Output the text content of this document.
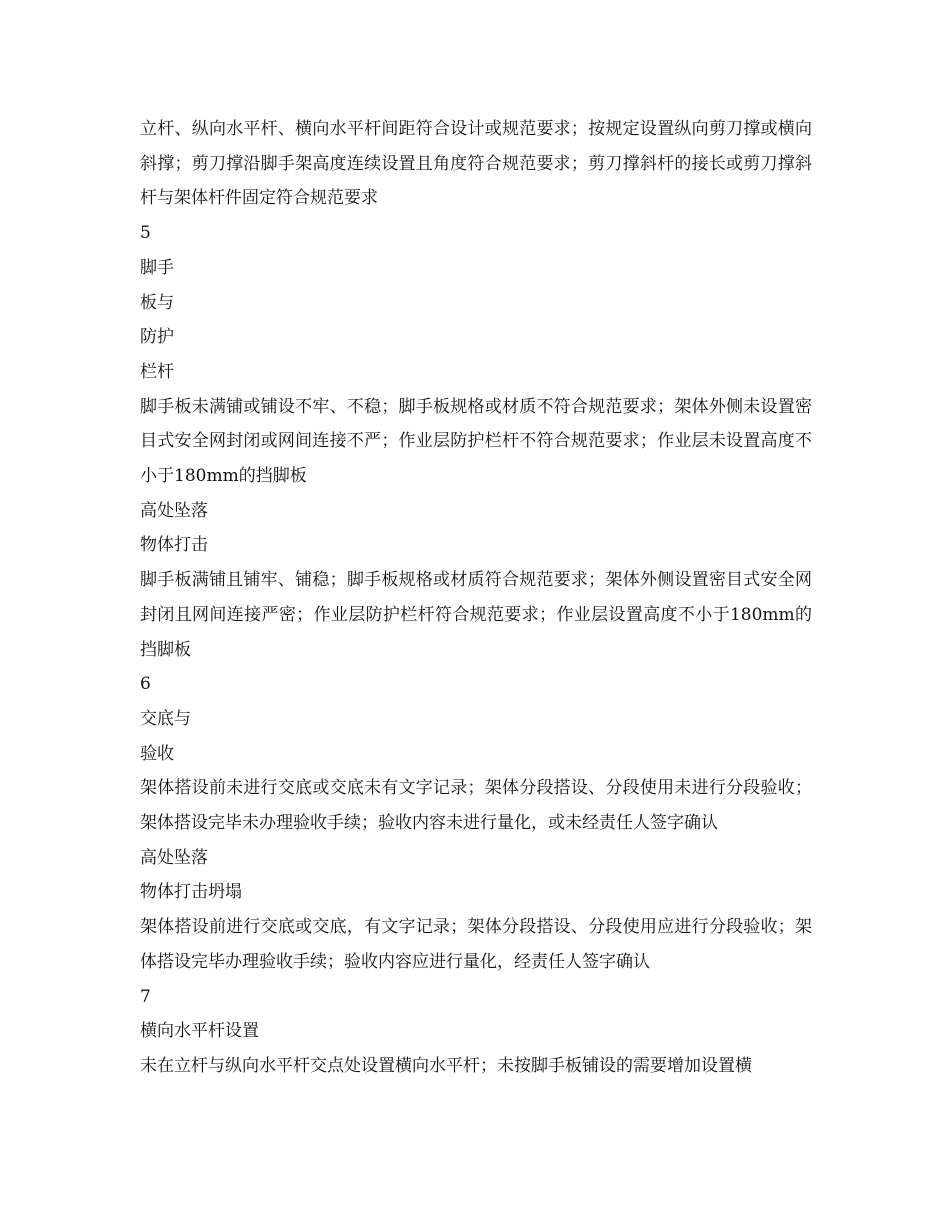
立杆、纵向水平杆、横向水平杆间距符合设计或规范要求；按规定设置纵向剪刀撑或横向斜撑；剪刀撑沿脚手架高度连续设置且角度符合规范要求；剪刀撑斜杆的接长或剪刀撑斜杆与架体杆件固定符合规范要求
5
脚手
板与
防护
栏杆
脚手板未满铺或铺设不牢、不稳；脚手板规格或材质不符合规范要求；架体外侧未设置密目式安全网封闭或网间连接不严；作业层防护栏杆不符合规范要求；作业层未设置高度不小于180mm的挡脚板
高处坠落
物体打击
脚手板满铺且铺牢、铺稳；脚手板规格或材质符合规范要求；架体外侧设置密目式安全网封闭且网间连接严密；作业层防护栏杆符合规范要求；作业层设置高度不小于180mm的挡脚板
6
交底与
验收
架体搭设前未进行交底或交底未有文字记录；架体分段搭设、分段使用未进行分段验收；架体搭设完毕未办理验收手续；验收内容未进行量化，或未经责任人签字确认
高处坠落
物体打击坍塌
架体搭设前进行交底或交底，有文字记录；架体分段搭设、分段使用应进行分段验收；架体搭设完毕办理验收手续；验收内容应进行量化，经责任人签字确认
7
横向水平杆设置
未在立杆与纵向水平杆交点处设置横向水平杆；未按脚手板铺设的需要增加设置横
